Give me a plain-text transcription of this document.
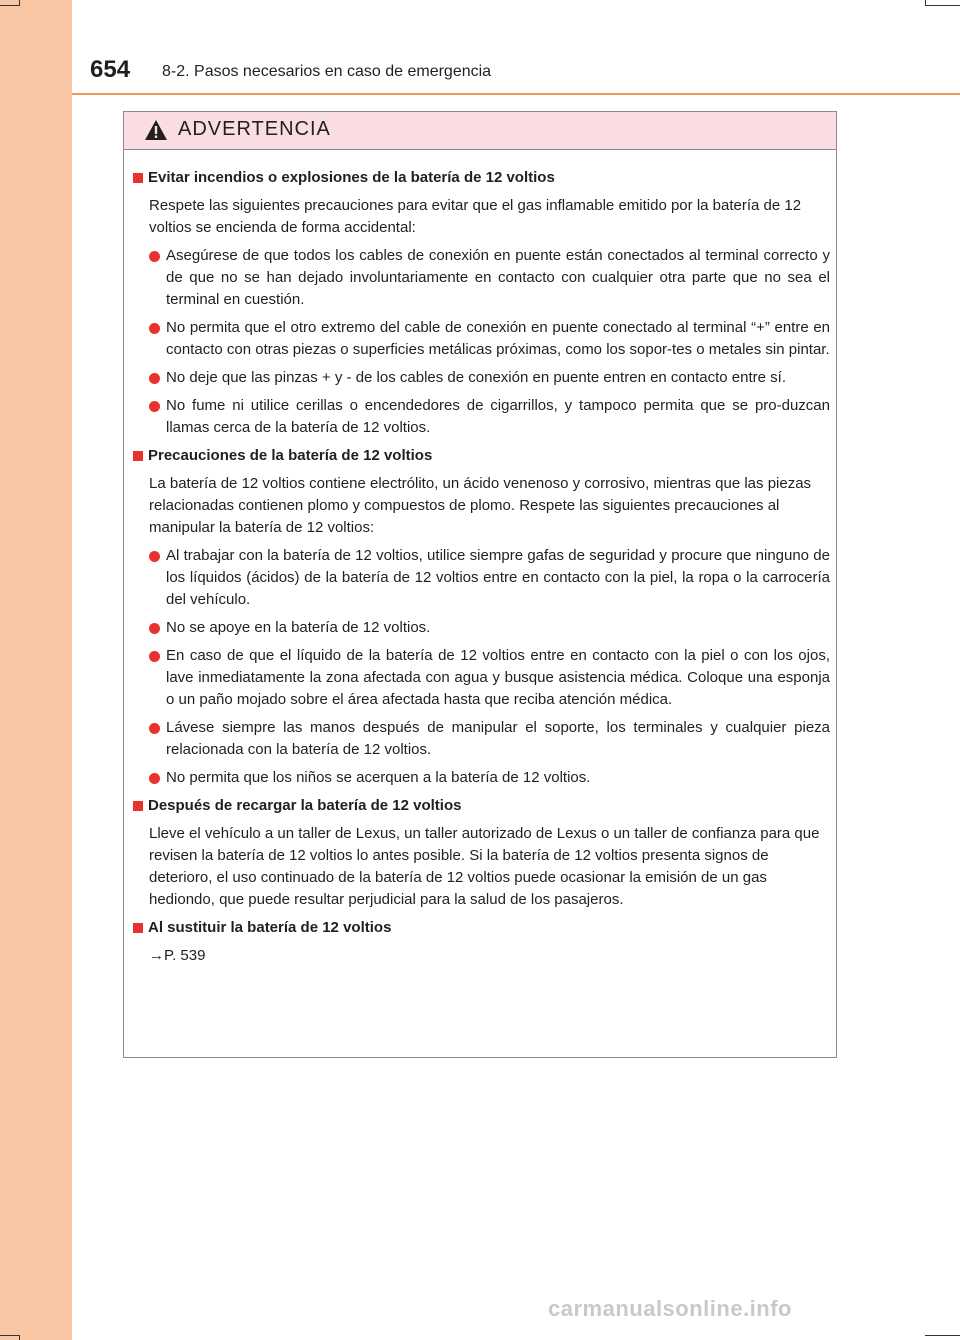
654 8-2. Pasos necesarios en caso de emergencia
ADVERTENCIA
Evitar incendios o explosiones de la batería de 12 voltios
Respete las siguientes precauciones para evitar que el gas inflamable emitido por la batería de 12 voltios se encienda de forma accidental:
Asegúrese de que todos los cables de conexión en puente están conectados al terminal correcto y de que no se han dejado involuntariamente en contacto con cualquier otra parte que no sea el terminal en cuestión.
No permita que el otro extremo del cable de conexión en puente conectado al terminal “+” entre en contacto con otras piezas o superficies metálicas próximas, como los sopor-tes o metales sin pintar.
No deje que las pinzas + y - de los cables de conexión en puente entren en contacto entre sí.
No fume ni utilice cerillas o encendedores de cigarrillos, y tampoco permita que se pro-duzcan llamas cerca de la batería de 12 voltios.
Precauciones de la batería de 12 voltios
La batería de 12 voltios contiene electrólito, un ácido venenoso y corrosivo, mientras que las piezas relacionadas contienen plomo y compuestos de plomo. Respete las siguientes precauciones al manipular la batería de 12 voltios:
Al trabajar con la batería de 12 voltios, utilice siempre gafas de seguridad y procure que ninguno de los líquidos (ácidos) de la batería de 12 voltios entre en contacto con la piel, la ropa o la carrocería del vehículo.
No se apoye en la batería de 12 voltios.
En caso de que el líquido de la batería de 12 voltios entre en contacto con la piel o con los ojos, lave inmediatamente la zona afectada con agua y busque asistencia médica. Coloque una esponja o un paño mojado sobre el área afectada hasta que reciba atención médica.
Lávese siempre las manos después de manipular el soporte, los terminales y cualquier pieza relacionada con la batería de 12 voltios.
No permita que los niños se acerquen a la batería de 12 voltios.
Después de recargar la batería de 12 voltios
Lleve el vehículo a un taller de Lexus, un taller autorizado de Lexus o un taller de confianza para que revisen la batería de 12 voltios lo antes posible. Si la batería de 12 voltios presenta signos de deterioro, el uso continuado de la batería de 12 voltios puede ocasionar la emisión de un gas hediondo, que puede resultar perjudicial para la salud de los pasajeros.
Al sustituir la batería de 12 voltios
→P. 539
carmanualsonline.info
